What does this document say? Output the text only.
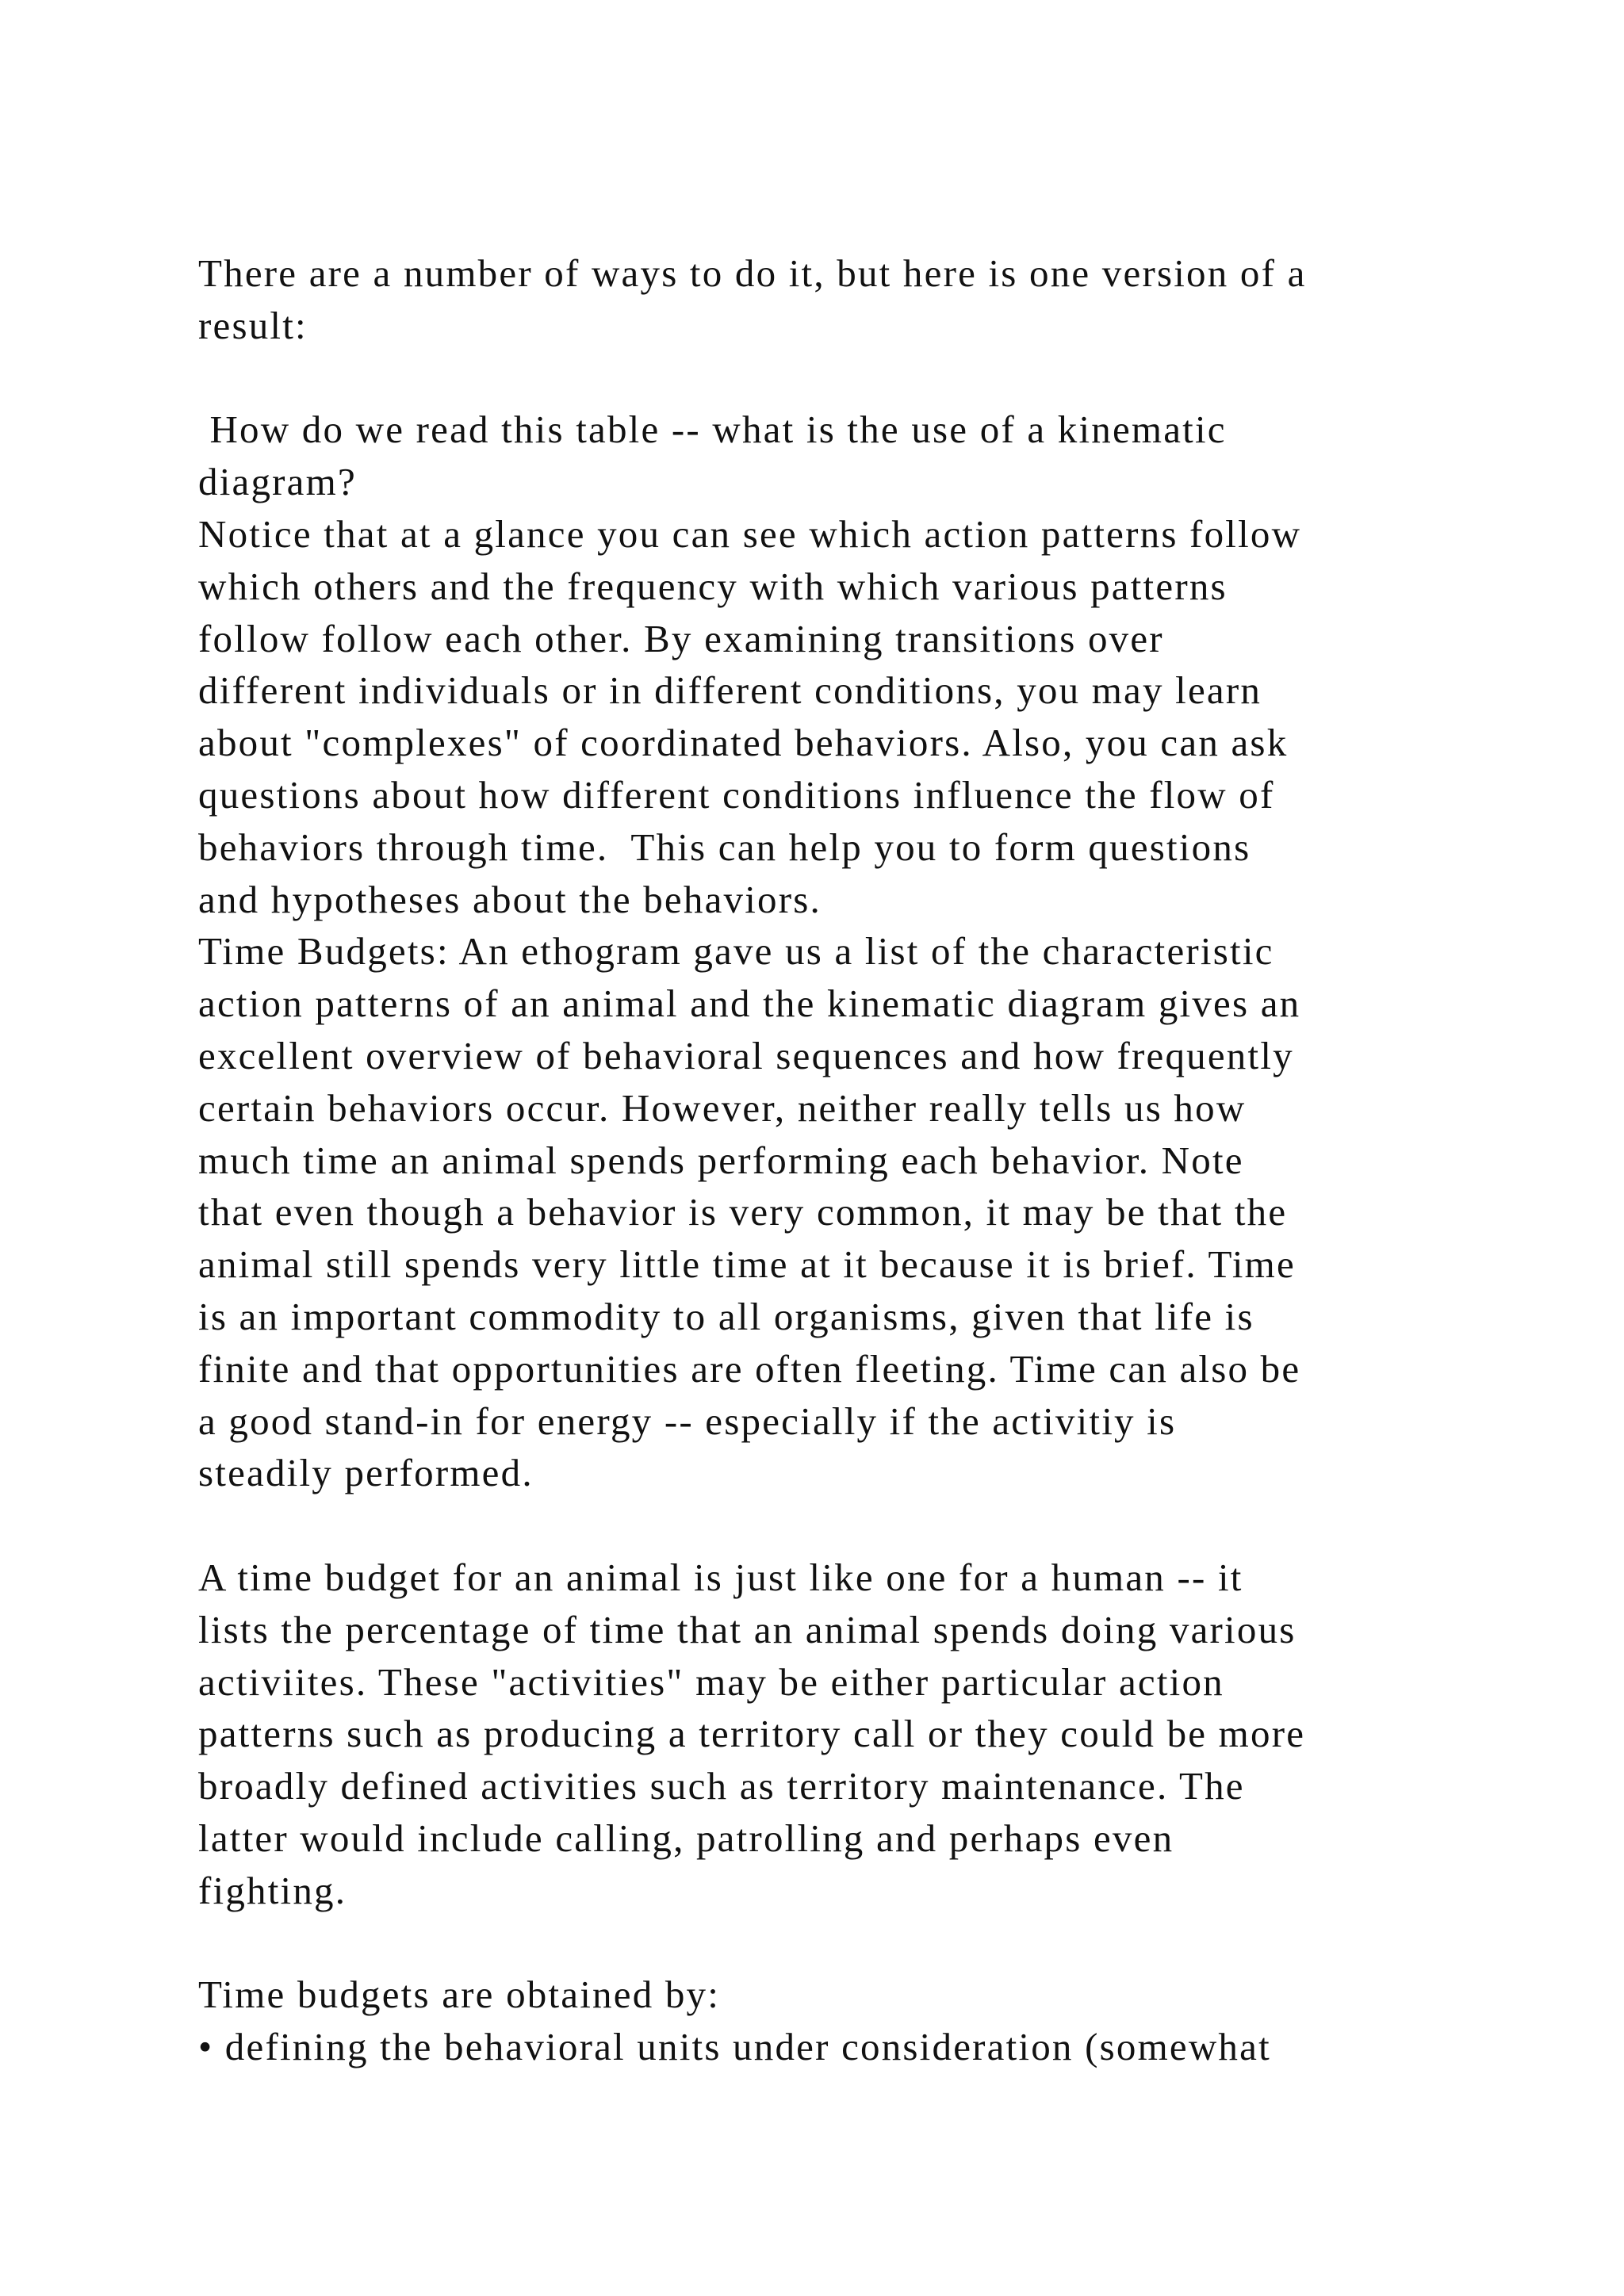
There are a number of ways to do it, but here is one version of a
result:
How do we read this table -- what is the use of a kinematic
diagram?
Notice that at a glance you can see which action patterns follow
which others and the frequency with which various patterns
follow follow each other. By examining transitions over
different individuals or in different conditions, you may learn
about "complexes" of coordinated behaviors. Also, you can ask
questions about how different conditions influence the flow of
behaviors through time.  This can help you to form questions
and hypotheses about the behaviors.
Time Budgets: An ethogram gave us a list of the characteristic
action patterns of an animal and the kinematic diagram gives an
excellent overview of behavioral sequences and how frequently
certain behaviors occur. However, neither really tells us how
much time an animal spends performing each behavior. Note
that even though a behavior is very common, it may be that the
animal still spends very little time at it because it is brief. Time
is an important commodity to all organisms, given that life is
finite and that opportunities are often fleeting. Time can also be
a good stand-in for energy -- especially if the activitiy is
steadily performed.
A time budget for an animal is just like one for a human -- it
lists the percentage of time that an animal spends doing various
activiites. These "activities" may be either particular action
patterns such as producing a territory call or they could be more
broadly defined activities such as territory maintenance. The
latter would include calling, patrolling and perhaps even
fighting.
Time budgets are obtained by:
• defining the behavioral units under consideration (somewhat
